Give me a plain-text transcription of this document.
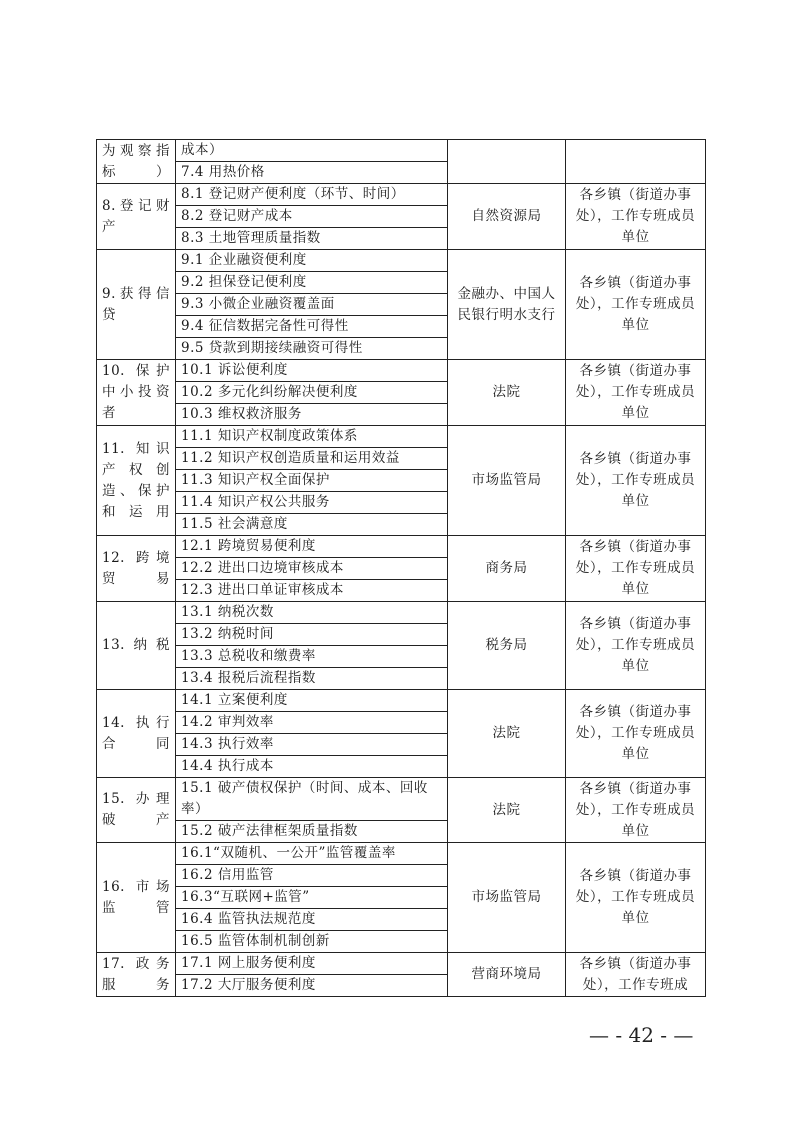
为观察指标）	成本）		
	7.4 用热价格		
8.登记财产	8.1 登记财产便利度（环节、时间）	自然资源局	各乡镇（街道办事处），工作专班成员单位
	8.2 登记财产成本		
	8.3 土地管理质量指数		
9.获得信贷	9.1 企业融资便利度	金融办、中国人民银行明水支行	各乡镇（街道办事处），工作专班成员单位
	9.2 担保登记便利度		
	9.3 小微企业融资覆盖面		
	9.4 征信数据完备性可得性		
	9.5 贷款到期接续融资可得性		
10. 保护中小投资者	10.1 诉讼便利度	法院	各乡镇（街道办事处），工作专班成员单位
	10.2 多元化纠纷解决便利度		
	10.3 维权救济服务		
11. 知识产权创造、保护和运用	11.1 知识产权制度政策体系	市场监管局	各乡镇（街道办事处），工作专班成员单位
	11.2 知识产权创造质量和运用效益		
	11.3 知识产权全面保护		
	11.4 知识产权公共服务		
	11.5 社会满意度		
12. 跨境贸易	12.1 跨境贸易便利度	商务局	各乡镇（街道办事处），工作专班成员单位
	12.2 进出口边境审核成本		
	12.3 进出口单证审核成本		
13.纳税	13.1 纳税次数	税务局	各乡镇（街道办事处），工作专班成员单位
	13.2 纳税时间		
	13.3 总税收和缴费率		
	13.4 报税后流程指数		
14. 执行合同	14.1 立案便利度	法院	各乡镇（街道办事处），工作专班成员单位
	14.2 审判效率		
	14.3 执行效率		
	14.4 执行成本		
15. 办理破产	15.1 破产债权保护（时间、成本、回收率）	法院	各乡镇（街道办事处），工作专班成员单位
	15.2 破产法律框架质量指数		
16. 市场监管	16.1“双随机、一公开”监管覆盖率	市场监管局	各乡镇（街道办事处），工作专班成员单位
	16.2 信用监管		
	16.3“互联网+监管”		
	16.4 监管执法规范度		
	16.5 监管体制机制创新		
17. 政务服务	17.1 网上服务便利度	营商环境局	各乡镇（街道办事处），工作专班成
	17.2 大厅服务便利度		
— - 42 - —
